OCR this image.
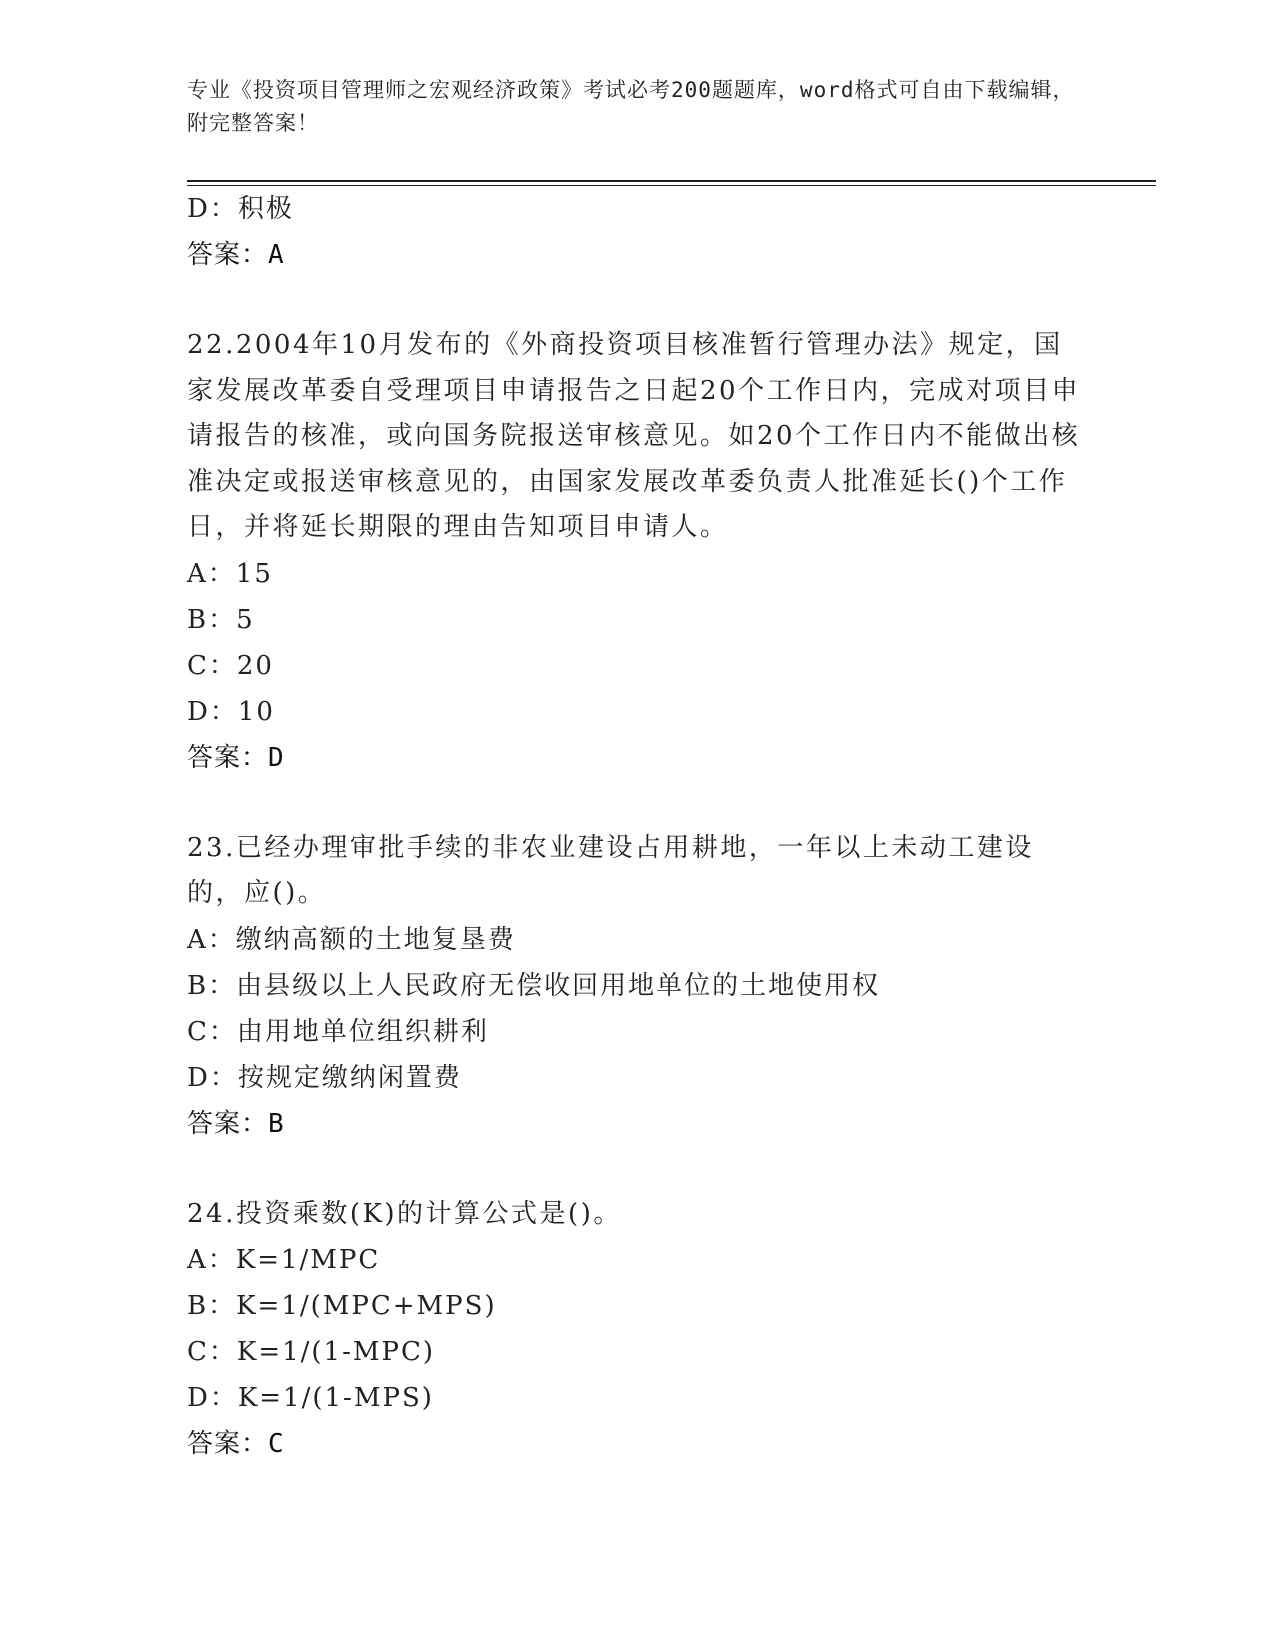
专业《投资项目管理师之宏观经济政策》考试必考200题题库，word格式可自由下载编辑，附完整答案！
D：积极
答案：A
22.2004年10月发布的《外商投资项目核准暂行管理办法》规定，国家发展改革委自受理项目申请报告之日起20个工作日内，完成对项目申请报告的核准，或向国务院报送审核意见。如20个工作日内不能做出核准决定或报送审核意见的，由国家发展改革委负责人批准延长()个工作日，并将延长期限的理由告知项目申请人。
A：15
B：5
C：20
D：10
答案：D
23.已经办理审批手续的非农业建设占用耕地，一年以上未动工建设的，应()。
A：缴纳高额的土地复垦费
B：由县级以上人民政府无偿收回用地单位的土地使用权
C：由用地单位组织耕利
D：按规定缴纳闲置费
答案：B
24.投资乘数(K)的计算公式是()。
A：K=1/MPC
B：K=1/(MPC+MPS)
C：K=1/(1-MPC)
D：K=1/(1-MPS)
答案：C
